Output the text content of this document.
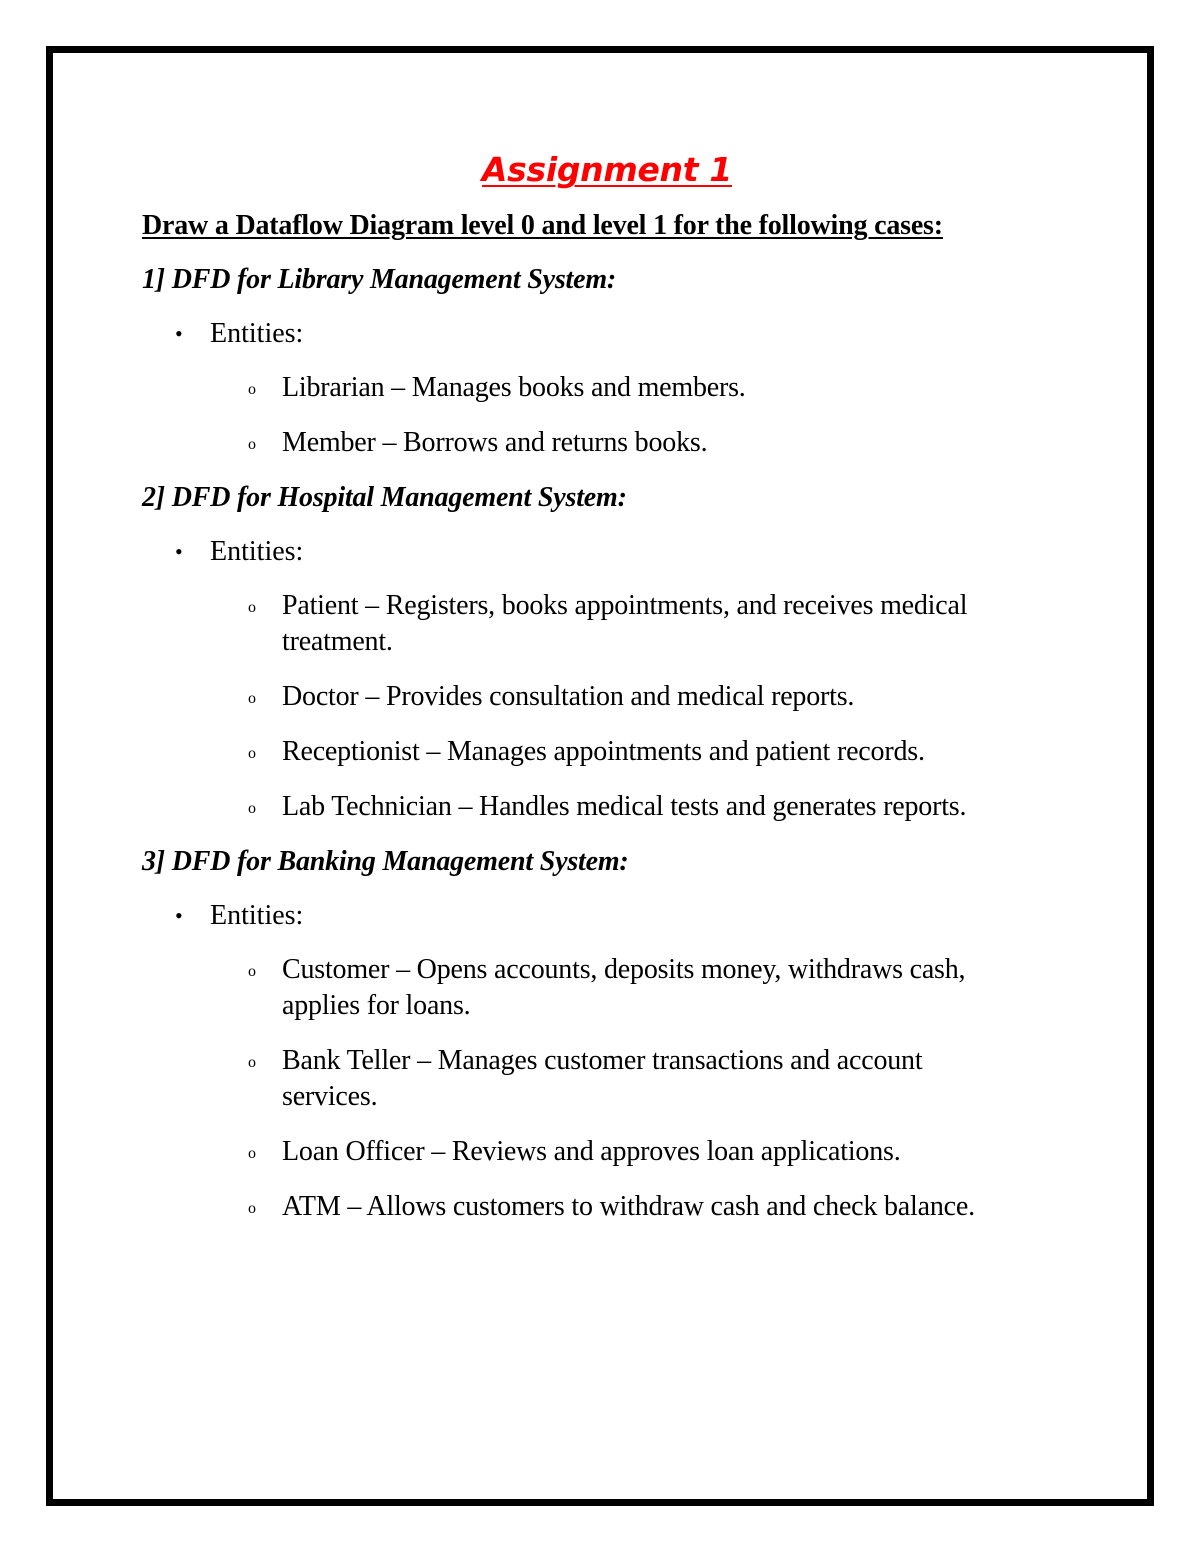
Assignment 1
Draw a Dataflow Diagram level 0 and level 1 for the following cases:
1] DFD for Library Management System:
• Entities:
o Librarian – Manages books and members.
o Member – Borrows and returns books.
2] DFD for Hospital Management System:
• Entities:
o Patient – Registers, books appointments, and receives medical treatment.
o Doctor – Provides consultation and medical reports.
o Receptionist – Manages appointments and patient records.
o Lab Technician – Handles medical tests and generates reports.
3] DFD for Banking Management System:
• Entities:
o Customer – Opens accounts, deposits money, withdraws cash, applies for loans.
o Bank Teller – Manages customer transactions and account services.
o Loan Officer – Reviews and approves loan applications.
o ATM – Allows customers to withdraw cash and check balance.
